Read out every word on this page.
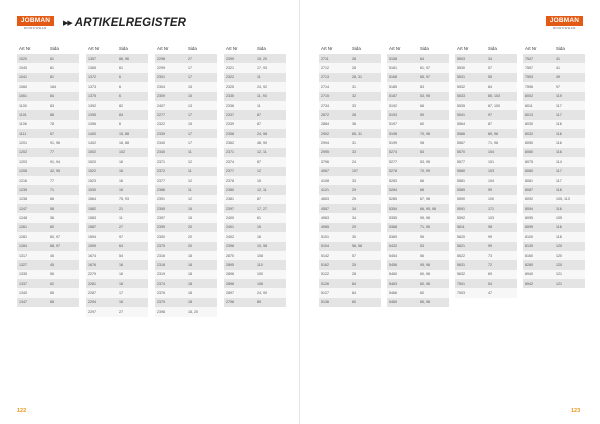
JOBMAN
WORKWEAR
▶▶ ARTIKELREGISTER	JOBMAN
WORKWEAR
Art Nr	Sida
1020	81
1040	81
1041	81
1060	184
1061	84
1100	83
1101	86
1106	78
1111	57
1201	91, 96
1202	77
1203	91, 94
1208	42, 95
1216	77
1235	71
1238	68
1247	58
1248	36
1261	60
1281	60, 97
1284	68, 97
1317	45
1327	45
1335	56
1337	62
1340	85
1347	85
Art Nr	Sida
1357	86, 96
1365	61
1372	6
1373	6
1375	6
1392	82
1395	84
1396	6
1400	15, 88
1402	16, 88
1502	102
1520	16
1522	16
1523	16
1530	16
1564	75, 93
1582	21
1583	11
1587	27
1594	97
1599	64
1674	54
1676	16
2279	16
2281	16
2287	17
2294	16
2297	27
Art Nr	Sida
2298	27
2299	17
2301	17
2304	15
2309	15
2407	13
2277	17
2322	15
2339	17
2340	17
2340	11
2371	12
2372	11
2377	12
2386	11
2391	12
2395	15
2397	15
2399	20
2300	20
2375	20
2316	18
2318	18
2319	18
2374	18
2376	18
2379	18
2398	18, 20
Art Nr	Sida
2399	15, 20
2321	17, 93
2322	11
2325	24, 92
2335	11, 93
2336	11
2337	87
2339	87
2358	24, 98
2362	48, 90
2371	12, 11
2374	87
2377	12
2378	15
2380	12, 11
2381	87
2397	17, 27
2400	61
2401	15
2402	16
2396	10, 98
2870	108
2895	110
2896	100
2896	106
2897	24, 90
2796	89
Art Nr	Sida
2711	28
2712	28
2713	28, 31
2714	31
2715	32
2734	33
2872	28
2884	36
2902	65, 31
2994	31
2995	33
3796	24
4067	107
4108	33
4121	29
4653	25
4557	34
4963	34
4965	29
5101	30
5104	56, 58
5142	57
5162	25
5122	28
5126	84
5127	84
5136	60
Art Nr	Sida
5158	64
5161	61, 97
5168	65, 97
5185	83
5187	53, 95
5192	68
5193	59
5197	60
5198	70, 98
5199	98
5274	83
5277	53, 95
5278	70, 99
5283	66
5284	68
5285	67, 98
5354	66, 95, 98
5355	95, 98
5368	71, 95
5369	95
5432	53
5454	56
5456	95, 98
5460	60, 98
5463	60, 98
5466	60
5469	65, 98
Art Nr	Sida
5503	34
5530	57
5531	55
5532	84
5533	85, 103
5535	87, 100
5541	97
5564	87
5566	89, 96
5567	71, 96
5570	104
5577	101
5580	103
5581	104
5589	99
5590	100
5591	171
5592	103
5611	98
5620	99
5621	99
5622	73
5631	72
5632	69
7501	54
7503	47
Art Nr	Sida
7547	41
7557	41
7593	49
7596	97
8002	119
8011	117
8013	117
8030	116
8032	116
8050	116
8060	116
8075	114
8080	117
8081	117
8087	118
8092	105, 113
8094	116
8095	105
8099	116
8100	118
8130	120
8160	120
8280	120
8940	121
8942	121
122	123
